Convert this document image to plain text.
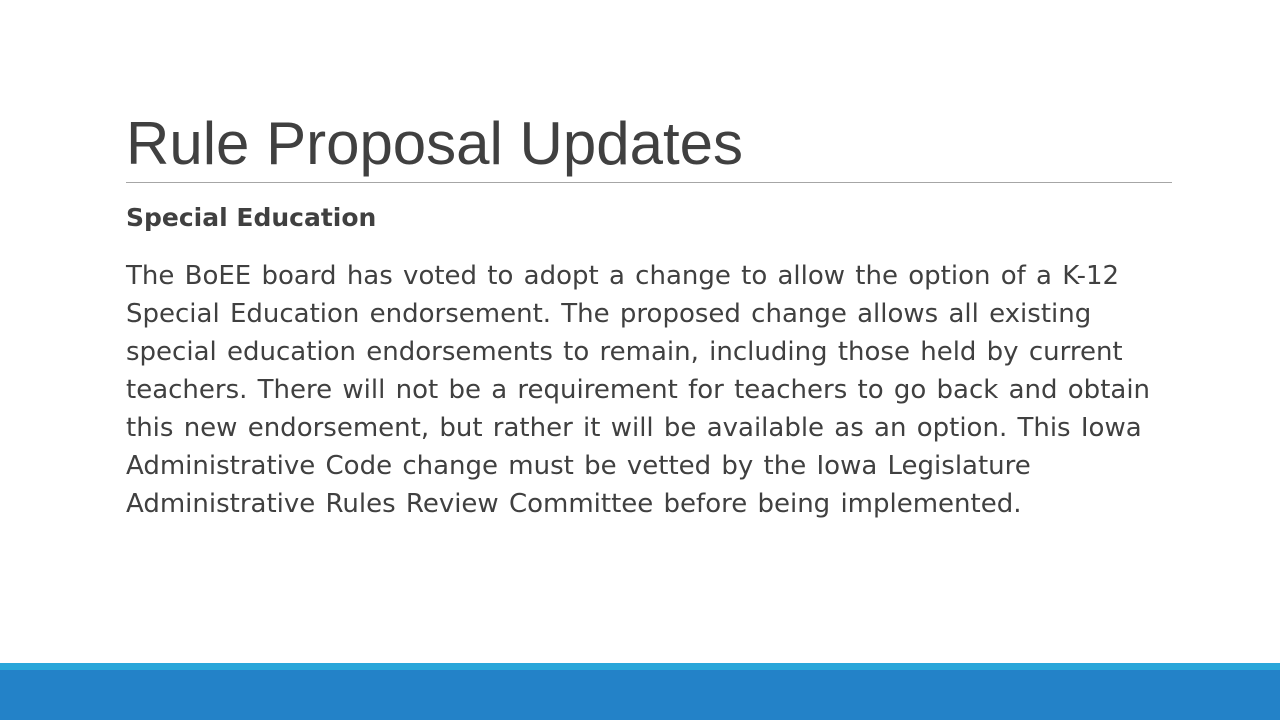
Rule Proposal Updates
Special Education

The BoEE board has voted to adopt a change to allow the option of a K-12 Special Education endorsement. The proposed change allows all existing special education endorsements to remain, including those held by current teachers. There will not be a requirement for teachers to go back and obtain this new endorsement, but rather it will be available as an option. This Iowa Administrative Code change must be vetted by the Iowa Legislature Administrative Rules Review Committee before being implemented.
